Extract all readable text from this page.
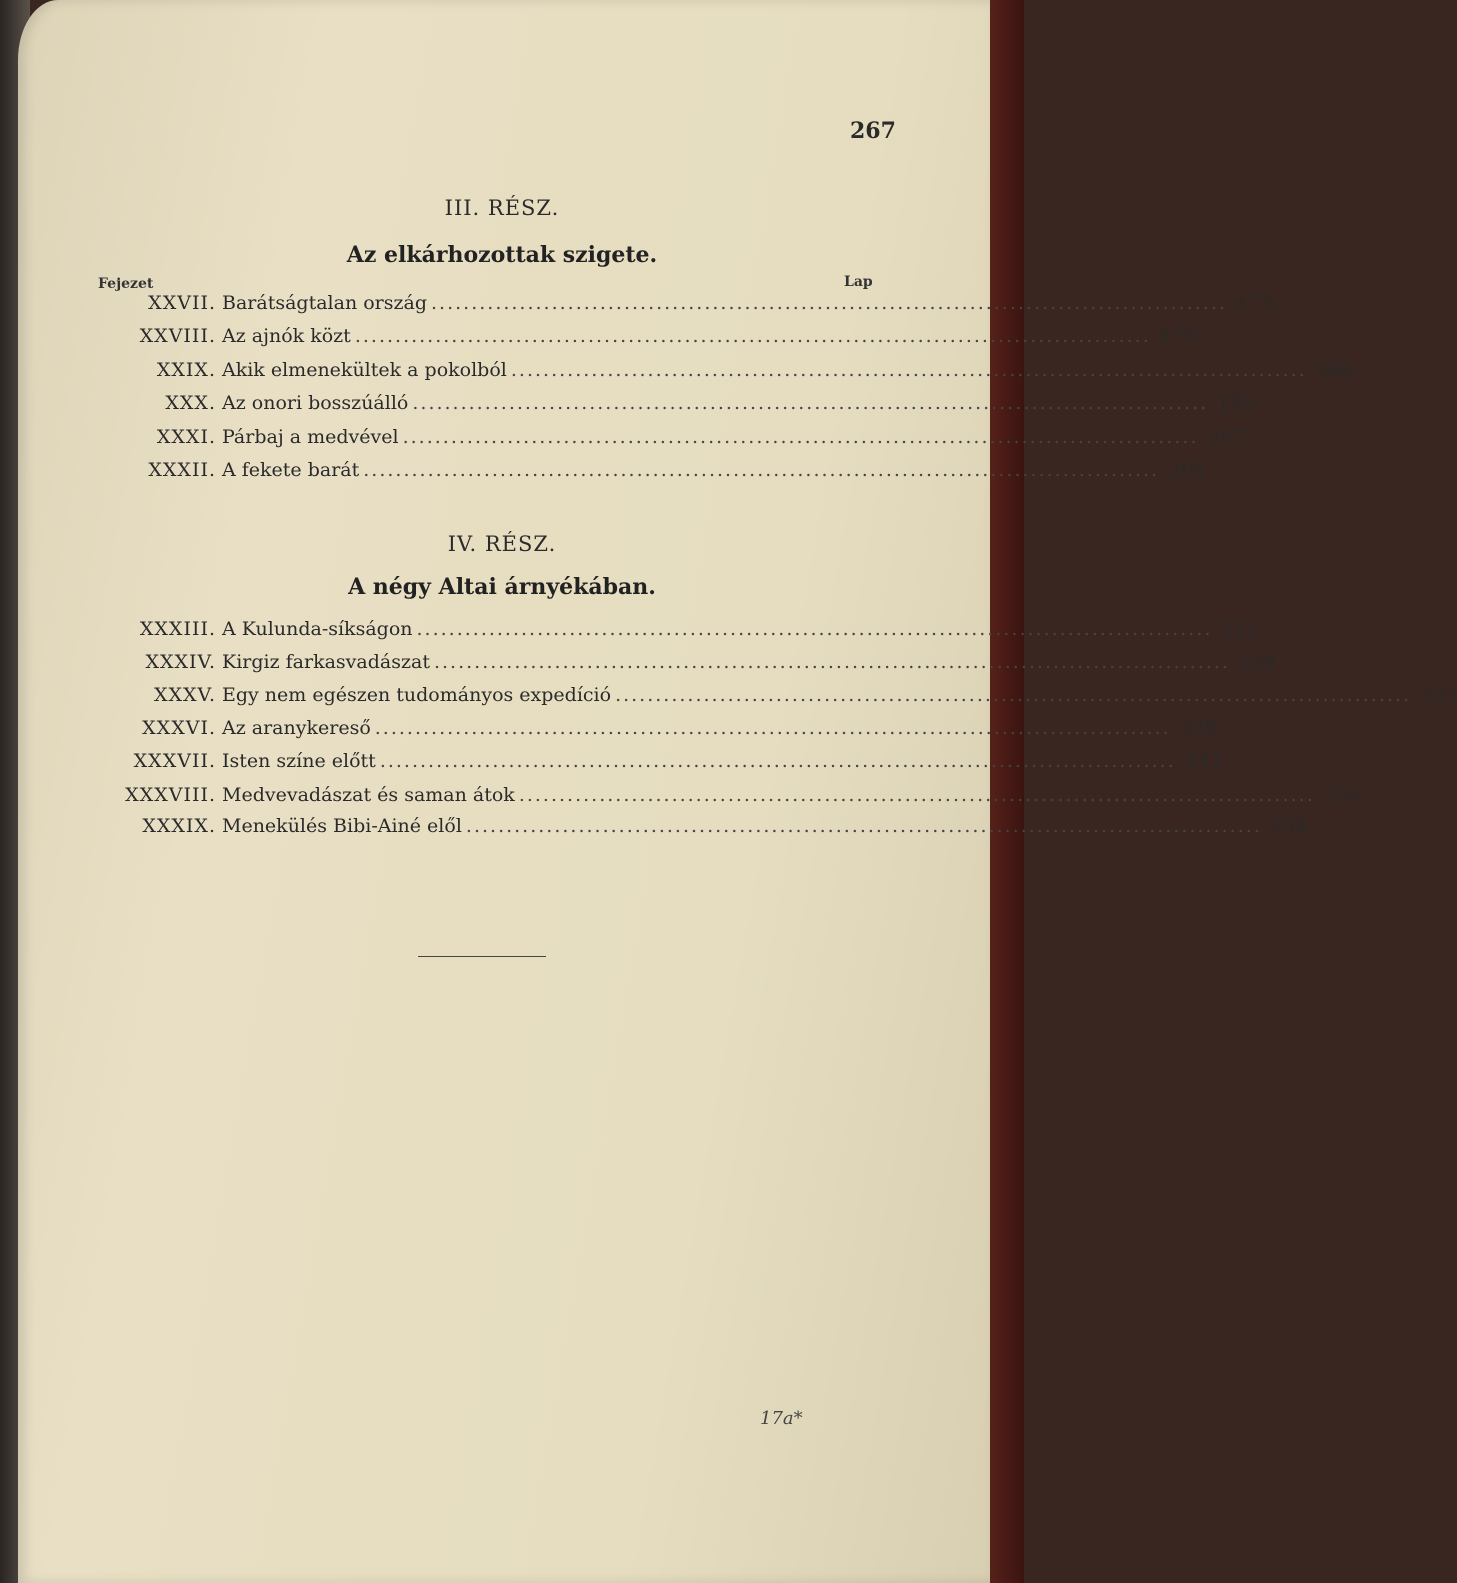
267
III. RÉSZ.
Az elkárhozottak szigete.
Fejezet	Lap
XXVII. Barátságtalan ország ................................................................................................... 173
XXVIII. Az ajnók közt ................................................................................................... 179
XXIX. Akik elmenekültek a pokolból ................................................................................................... 186
XXX. Az onori bosszúálló ................................................................................................... 195
XXXI. Párbaj a medvével ................................................................................................... 207
XXXII. A fekete barát ................................................................................................... 208
IV. RÉSZ.
A négy Altai árnyékában.
XXXIII. A Kulunda-síkságon ................................................................................................... 221
XXXIV. Kirgiz farkasvadászat ................................................................................................... 228
XXXV. Egy nem egészen tudományos expedíció ................................................................................................... 233
XXXVI. Az aranykereső ................................................................................................... 239
XXXVII. Isten színe előtt ................................................................................................... 243
XXXVIII. Medvevadászat és saman átok ................................................................................................... 254
XXXIX. Menekülés Bibi-Ainé elől ................................................................................................... 258
17a*
